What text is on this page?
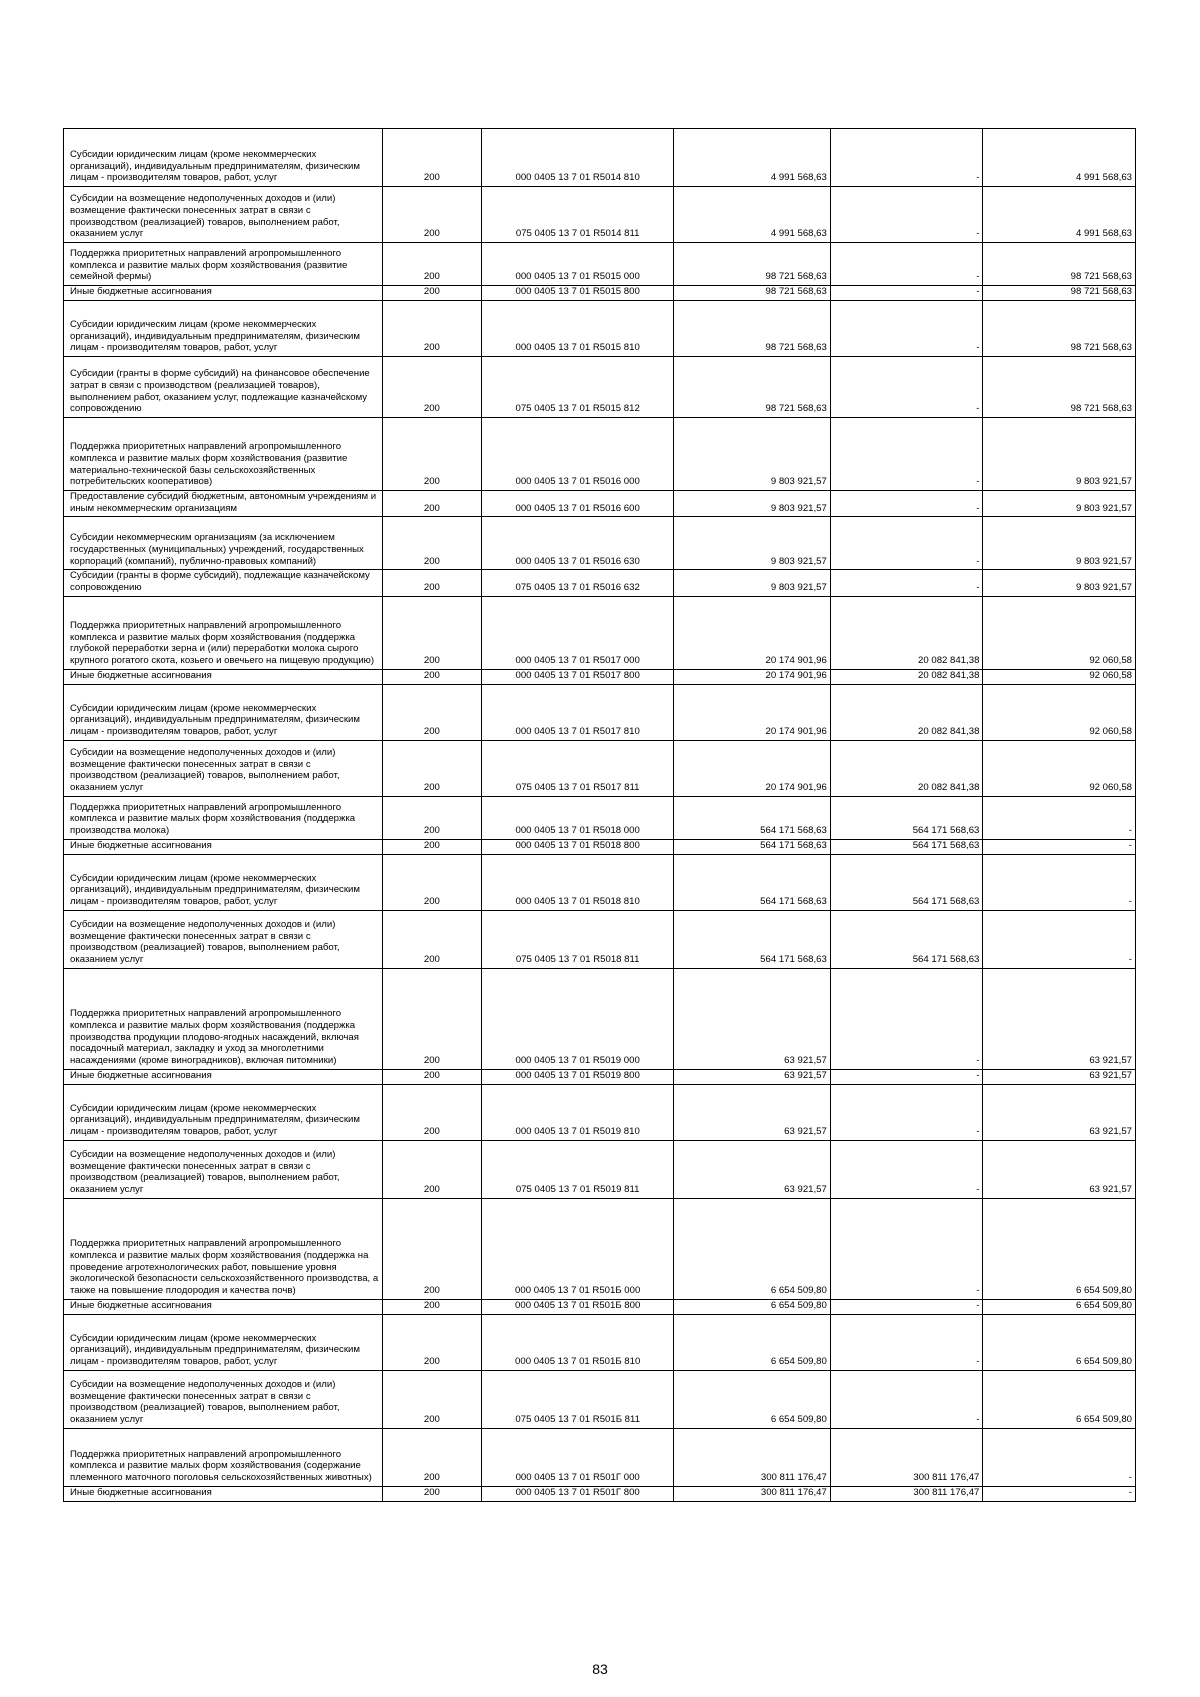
Субсидии юридическим лицам (кроме некоммерческих организаций), индивидуальным предпринимателям, физическим лицам - производителям товаров, работ, услуг	200	000 0405 13 7 01 R5014 810	4 991 568,63	-	4 991 568,63
Субсидии на возмещение недополученных доходов и (или) возмещение фактически понесенных затрат в связи с производством (реализацией) товаров, выполнением работ, оказанием услуг	200	075 0405 13 7 01 R5014 811	4 991 568,63	-	4 991 568,63
Поддержка приоритетных направлений агропромышленного комплекса и развитие малых форм хозяйствования (развитие семейной фермы)	200	000 0405 13 7 01 R5015 000	98 721 568,63	-	98 721 568,63
Иные бюджетные ассигнования	200	000 0405 13 7 01 R5015 800	98 721 568,63	-	98 721 568,63
Субсидии юридическим лицам (кроме некоммерческих организаций), индивидуальным предпринимателям, физическим лицам - производителям товаров, работ, услуг	200	000 0405 13 7 01 R5015 810	98 721 568,63	-	98 721 568,63
Субсидии (гранты в форме субсидий) на финансовое обеспечение затрат в связи с производством (реализацией товаров), выполнением работ, оказанием услуг, подлежащие казначейскому сопровождению	200	075 0405 13 7 01 R5015 812	98 721 568,63	-	98 721 568,63
Поддержка приоритетных направлений агропромышленного комплекса и развитие малых форм хозяйствования (развитие материально-технической базы сельскохозяйственных потребительских кооперативов)	200	000 0405 13 7 01 R5016 000	9 803 921,57	-	9 803 921,57
Предоставление субсидий бюджетным, автономным учреждениям и иным некоммерческим организациям	200	000 0405 13 7 01 R5016 600	9 803 921,57	-	9 803 921,57
Субсидии некоммерческим организациям (за исключением государственных (муниципальных) учреждений, государственных корпораций (компаний), публично-правовых компаний)	200	000 0405 13 7 01 R5016 630	9 803 921,57	-	9 803 921,57
Субсидии (гранты в форме субсидий), подлежащие казначейскому сопровождению	200	075 0405 13 7 01 R5016 632	9 803 921,57	-	9 803 921,57
Поддержка приоритетных направлений агропромышленного комплекса и развитие малых форм хозяйствования (поддержка глубокой переработки зерна и (или) переработки молока сырого крупного рогатого скота, козьего и овечьего на пищевую продукцию)	200	000 0405 13 7 01 R5017 000	20 174 901,96	20 082 841,38	92 060,58
Иные бюджетные ассигнования	200	000 0405 13 7 01 R5017 800	20 174 901,96	20 082 841,38	92 060,58
Субсидии юридическим лицам (кроме некоммерческих организаций), индивидуальным предпринимателям, физическим лицам - производителям товаров, работ, услуг	200	000 0405 13 7 01 R5017 810	20 174 901,96	20 082 841,38	92 060,58
Субсидии на возмещение недополученных доходов и (или) возмещение фактически понесенных затрат в связи с производством (реализацией) товаров, выполнением работ, оказанием услуг	200	075 0405 13 7 01 R5017 811	20 174 901,96	20 082 841,38	92 060,58
Поддержка приоритетных направлений агропромышленного комплекса и развитие малых форм хозяйствования (поддержка производства молока)	200	000 0405 13 7 01 R5018 000	564 171 568,63	564 171 568,63	-
Иные бюджетные ассигнования	200	000 0405 13 7 01 R5018 800	564 171 568,63	564 171 568,63	-
Субсидии юридическим лицам (кроме некоммерческих организаций), индивидуальным предпринимателям, физическим лицам - производителям товаров, работ, услуг	200	000 0405 13 7 01 R5018 810	564 171 568,63	564 171 568,63	-
Субсидии на возмещение недополученных доходов и (или) возмещение фактически понесенных затрат в связи с производством (реализацией) товаров, выполнением работ, оказанием услуг	200	075 0405 13 7 01 R5018 811	564 171 568,63	564 171 568,63	-
Поддержка приоритетных направлений агропромышленного комплекса и развитие малых форм хозяйствования (поддержка производства продукции плодово-ягодных насаждений, включая посадочный материал, закладку и уход за многолетними насаждениями (кроме виноградников), включая питомники)	200	000 0405 13 7 01 R5019 000	63 921,57	-	63 921,57
Иные бюджетные ассигнования	200	000 0405 13 7 01 R5019 800	63 921,57	-	63 921,57
Субсидии юридическим лицам (кроме некоммерческих организаций), индивидуальным предпринимателям, физическим лицам - производителям товаров, работ, услуг	200	000 0405 13 7 01 R5019 810	63 921,57	-	63 921,57
Субсидии на возмещение недополученных доходов и (или) возмещение фактически понесенных затрат в связи с производством (реализацией) товаров, выполнением работ, оказанием услуг	200	075 0405 13 7 01 R5019 811	63 921,57	-	63 921,57
Поддержка приоритетных направлений агропромышленного комплекса и развитие малых форм хозяйствования (поддержка на проведение агротехнологических работ, повышение уровня экологической безопасности сельскохозяйственного производства, а также на повышение плодородия и качества почв)	200	000 0405 13 7 01 R501Б 000	6 654 509,80	-	6 654 509,80
Иные бюджетные ассигнования	200	000 0405 13 7 01 R501Б 800	6 654 509,80	-	6 654 509,80
Субсидии юридическим лицам (кроме некоммерческих организаций), индивидуальным предпринимателям, физическим лицам - производителям товаров, работ, услуг	200	000 0405 13 7 01 R501Б 810	6 654 509,80	-	6 654 509,80
Субсидии на возмещение недополученных доходов и (или) возмещение фактически понесенных затрат в связи с производством (реализацией) товаров, выполнением работ, оказанием услуг	200	075 0405 13 7 01 R501Б 811	6 654 509,80	-	6 654 509,80
Поддержка приоритетных направлений агропромышленного комплекса и развитие малых форм хозяйствования (содержание племенного маточного поголовья сельскохозяйственных животных)	200	000 0405 13 7 01 R501Г 000	300 811 176,47	300 811 176,47	-
Иные бюджетные ассигнования	200	000 0405 13 7 01 R501Г 800	300 811 176,47	300 811 176,47	-
83
